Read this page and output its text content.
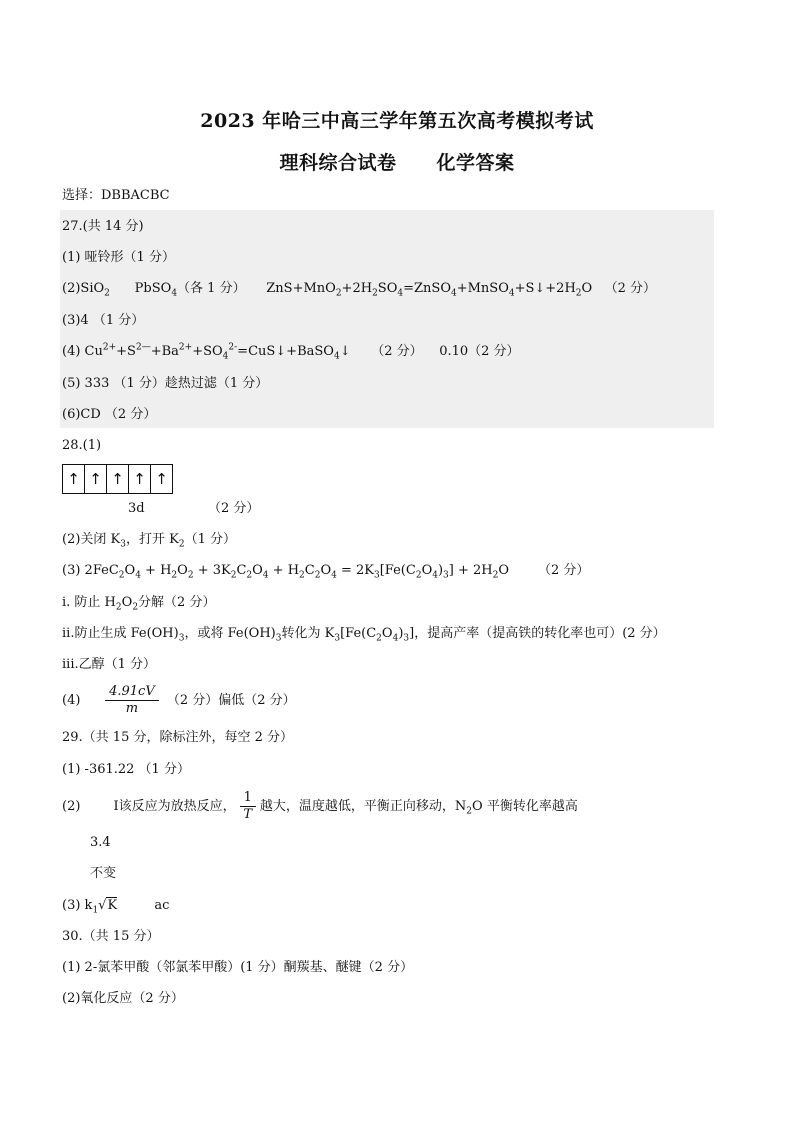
2023 年哈三中高三学年第五次高考模拟考试
理科综合试卷 化学答案
选择：DBBACBC
27.(共 14 分)
(1) 哑铃形（1 分）
(2)SiO$_2$ PbSO$_4$（各 1 分） $ZnS+MnO_2+2H_2SO_4=ZnSO_4+MnSO_4+S↓+2H_2O$ （2 分）
(3)4 （1 分）
(4) $Cu^{2+}+S^{2—}+Ba^{2+}+SO_4^{2-}=CuS↓+BaSO_4↓$ （2 分） 0.10（2 分）
(5) 333 （1 分）趁热过滤（1 分）
(6)CD （2 分）
28.(1)
↑ ↑ ↑ ↑ ↑
3d	（2 分）
(2)关闭 $K_3$，打开 $K_2(1$ 分）
(3) $2FeC_2O_4 + H_2O_2 + 3K_2C_2O_4 + H_2C_2O_4 = 2K_3[Fe(C_2O_4)_3] + 2H_2O$       （2 分）
i. 防止 $H_2O_2$分解（2 分）
ii.防止生成 $Fe(OH)_3$，或将 $Fe(OH)_3$转化为 $K_3[Fe(C_2O_4)_3]$，提高产率（提高铁的转化率也可）(2 分）
iii.乙醇（1 分）
$(4) \frac{4.91cV}{m} (2$ 分）偏低（2 分）
29.（共 15 分，除标注外，每空 2 分）
(1) -361.22 （1 分）
(2)	I该反应为放热反应， $\frac{1}{T}$ 越大，温度越低，平衡正向移动，$N_2O$ 平衡转化率越高
3.4
不变
(3) $k_1√K$	ac
30.（共 15 分）
(1) 2-氯苯甲酸（邻氯苯甲酸）(1 分）酮羰基、醚键（2 分）
(2)氧化反应（2 分）
